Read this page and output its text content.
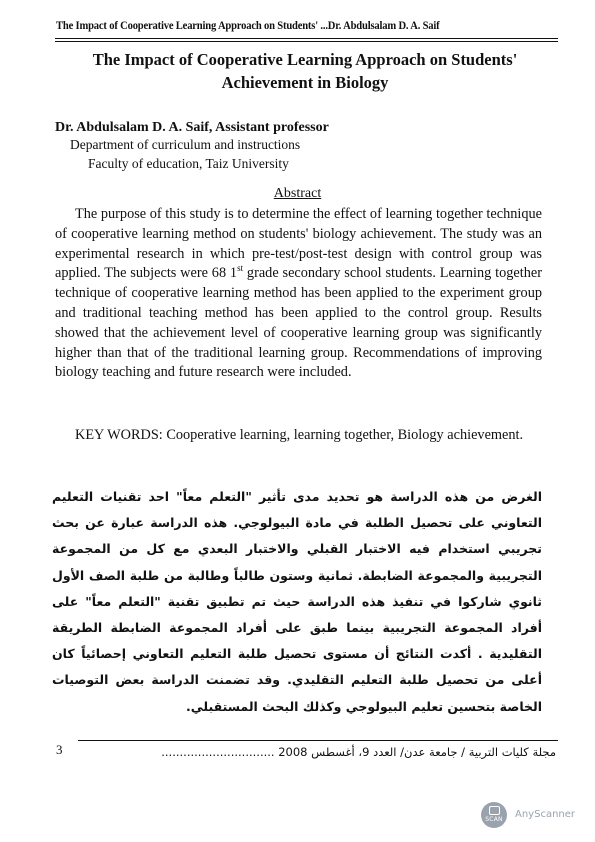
The Impact of Cooperative Learning Approach on Students' ...Dr. Abdulsalam D. A. Saif
The Impact of Cooperative Learning Approach on Students'
Achievement in Biology
Dr. Abdulsalam D. A. Saif, Assistant professor
Department of curriculum and instructions
Faculty of education, Taiz University
Abstract

The purpose of this study is to determine the effect of learning together technique of cooperative learning method on students' biology achievement. The study was an experimental research in which pre-test/post-test design with control group was applied. The subjects were 68 1st grade secondary school students. Learning together technique of cooperative learning method has been applied to the experiment group and traditional teaching method has been applied to the control group. Results showed that the achievement level of cooperative learning group was significantly higher than that of the traditional learning group. Recommendations of improving biology teaching and future research were included.

KEY WORDS: Cooperative learning, learning together, Biology achievement.
الغرض من هذه الدراسة هو تحديد مدى تأثير "التعلم معاً" احد تقنيات التعليم التعاوني على تحصيل الطلبة في مادة البيولوجي. هذه الدراسة عبارة عن بحث تجريبي استخدام فيه الاختبار القبلي والاختبار البعدي مع كل من المجموعة التجريبية والمجموعة الضابطة. ثمانية وستون طالباً وطالبة من طلبة الصف الأول ثانوي شاركوا في تنفيذ هذه الدراسة حيث تم تطبيق تقنية "التعلم معاً" على أفراد المجموعة التجريبية بينما طبق على أفراد المجموعة الضابطة الطريقة التقليدية . أكدت النتائج أن مستوى تحصيل طلبة التعليم التعاوني إحصائياً كان أعلى من تحصيل طلبة التعليم التقليدي. وقد تضمنت الدراسة بعض التوصيات الخاصة بتحسين تعليم البيولوجي وكذلك البحث المستقبلي.
3	مجلة كليات التربية / جامعة عدن/ العدد 9، أغسطس 2008 ...............................
SCAN	AnyScanner
